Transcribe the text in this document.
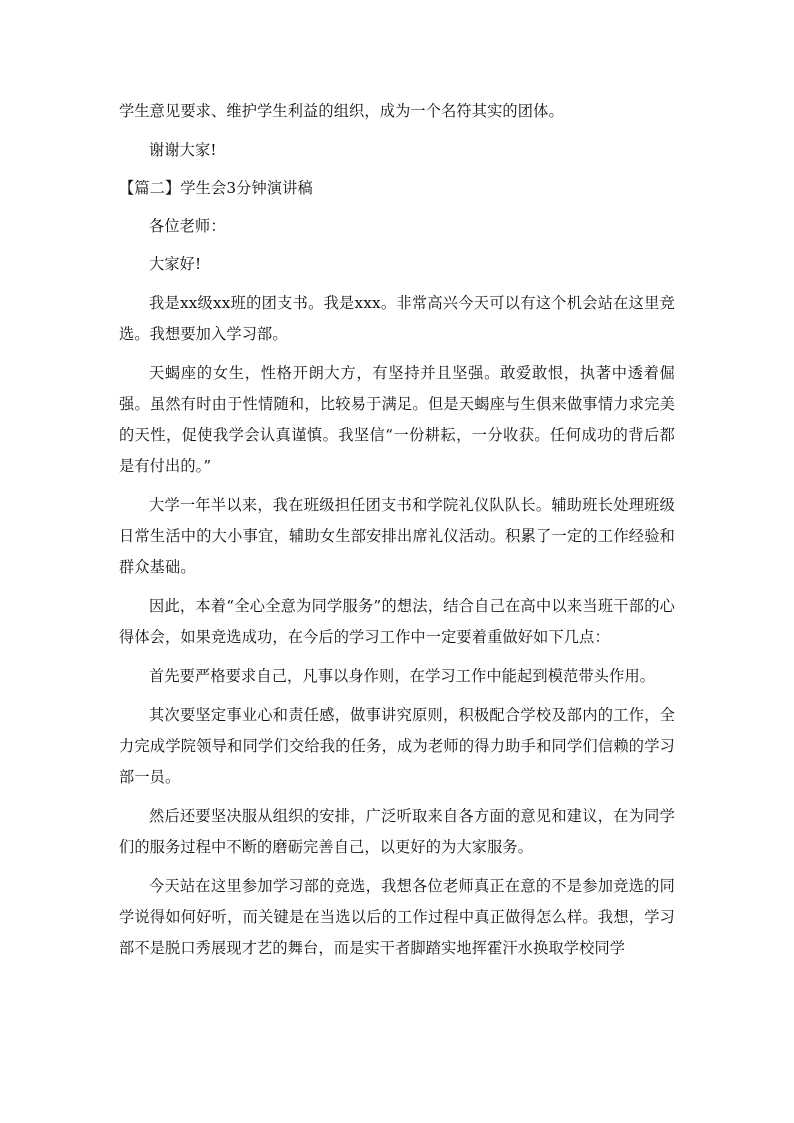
学生意见要求、维护学生利益的组织，成为一个名符其实的团体。

谢谢大家!

【篇二】学生会3分钟演讲稿

各位老师：

大家好!

我是xx级xx班的团支书。我是xxx。非常高兴今天可以有这个机会站在这里竞选。我想要加入学习部。

天蝎座的女生，性格开朗大方，有坚持并且坚强。敢爱敢恨，执著中透着倔强。虽然有时由于性情随和，比较易于满足。但是天蝎座与生俱来做事情力求完美的天性，促使我学会认真谨慎。我坚信“一份耕耘，一分收获。任何成功的背后都是有付出的。”

大学一年半以来，我在班级担任团支书和学院礼仪队队长。辅助班长处理班级日常生活中的大小事宜，辅助女生部安排出席礼仪活动。积累了一定的工作经验和群众基础。

因此，本着“全心全意为同学服务”的想法，结合自己在高中以来当班干部的心得体会，如果竞选成功，在今后的学习工作中一定要着重做好如下几点：

首先要严格要求自己，凡事以身作则，在学习工作中能起到模范带头作用。

其次要坚定事业心和责任感，做事讲究原则，积极配合学校及部内的工作，全力完成学院领导和同学们交给我的任务，成为老师的得力助手和同学们信赖的学习部一员。

然后还要坚决服从组织的安排，广泛听取来自各方面的意见和建议，在为同学们的服务过程中不断的磨砺完善自己，以更好的为大家服务。

今天站在这里参加学习部的竞选，我想各位老师真正在意的不是参加竞选的同学说得如何好听，而关键是在当选以后的工作过程中真正做得怎么样。我想，学习部不是脱口秀展现才艺的舞台，而是实干者脚踏实地挥霍汗水换取学校同学
